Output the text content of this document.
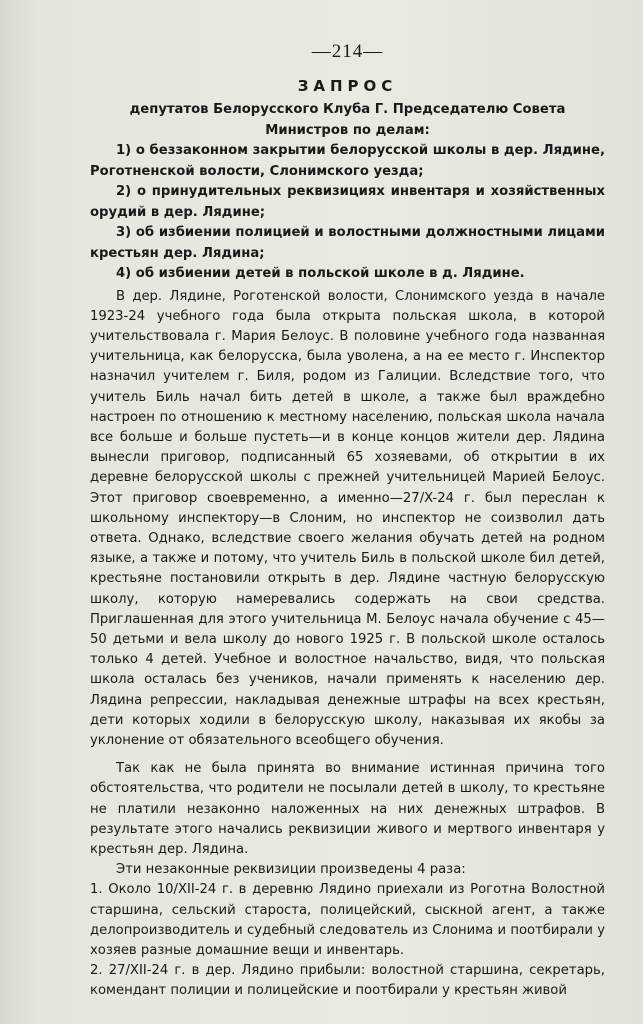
—214—
ЗАПРОС

депутатов Белорусского Клуба Г. Председателю Совета Министров по делам:

1) о беззаконном закрытии белорусской школы в дер. Лядине, Роготненской волости, Слонимского уезда;

2) о принудительных реквизициях инвентаря и хозяйственных орудий в дер. Лядине;

3) об избиении полицией и волостными должностными лицами крестьян дер. Лядина;

4) об избиении детей в польской школе в д. Лядине.

В дер. Лядине, Роготенской волости, Слонимского уезда в начале 1923-24 учебного года была открыта польская школа, в которой учительствовала г. Мария Белоус. В половине учебного года названная учительница, как белорусска, была уволена, а на ее место г. Инспектор назначил учителем г. Биля, родом из Галиции. Вследствие того, что учитель Биль начал бить детей в школе, а также был враждебно настроен по отношению к местному населению, польская школа начала все больше и больше пустеть—и в конце концов жители дер. Лядина вынесли приговор, подписанный 65 хозяевами, об открытии в их деревне белорусской школы с прежней учительницей Марией Белоус. Этот приговор своевременно, а именно—27/X-24 г. был переслан к школьному инспектору—в Слоним, но инспектор не соизволил дать ответа. Однако, вследствие своего желания обучать детей на родном языке, а также и потому, что учитель Биль в польской школе бил детей, крестьяне постановили открыть в дер. Лядине частную белорусскую школу, которую намеревались содержать на свои средства. Приглашенная для этого учительница М. Белоус начала обучение с 45—50 детьми и вела школу до нового 1925 г. В польской школе осталось только 4 детей. Учебное и волостное начальство, видя, что польская школа осталась без учеников, начали применять к населению дер. Лядина репрессии, накладывая денежные штрафы на всех крестьян, дети которых ходили в белорусскую школу, наказывая их якобы за уклонение от обязательного всеобщего обучения.

Так как не была принята во внимание истинная причина того обстоятельства, что родители не посылали детей в школу, то крестьяне не платили незаконно наложенных на них денежных штрафов. В результате этого начались реквизиции живого и мертвого инвентаря у крестьян дер. Лядина.

Эти незаконные реквизиции произведены 4 раза:

1. Около 10/XII-24 г. в деревню Лядино приехали из Роготна Волостной старшина, сельский староста, полицейский, сыскной агент, а также делопроизводитель и судебный следователь из Слонима и поотбирали у хозяев разные домашние вещи и инвентарь.

2. 27/XII-24 г. в дер. Лядино прибыли: волостной старшина, секретарь, комендант полиции и полицейские и поотбирали у крестьян живой
